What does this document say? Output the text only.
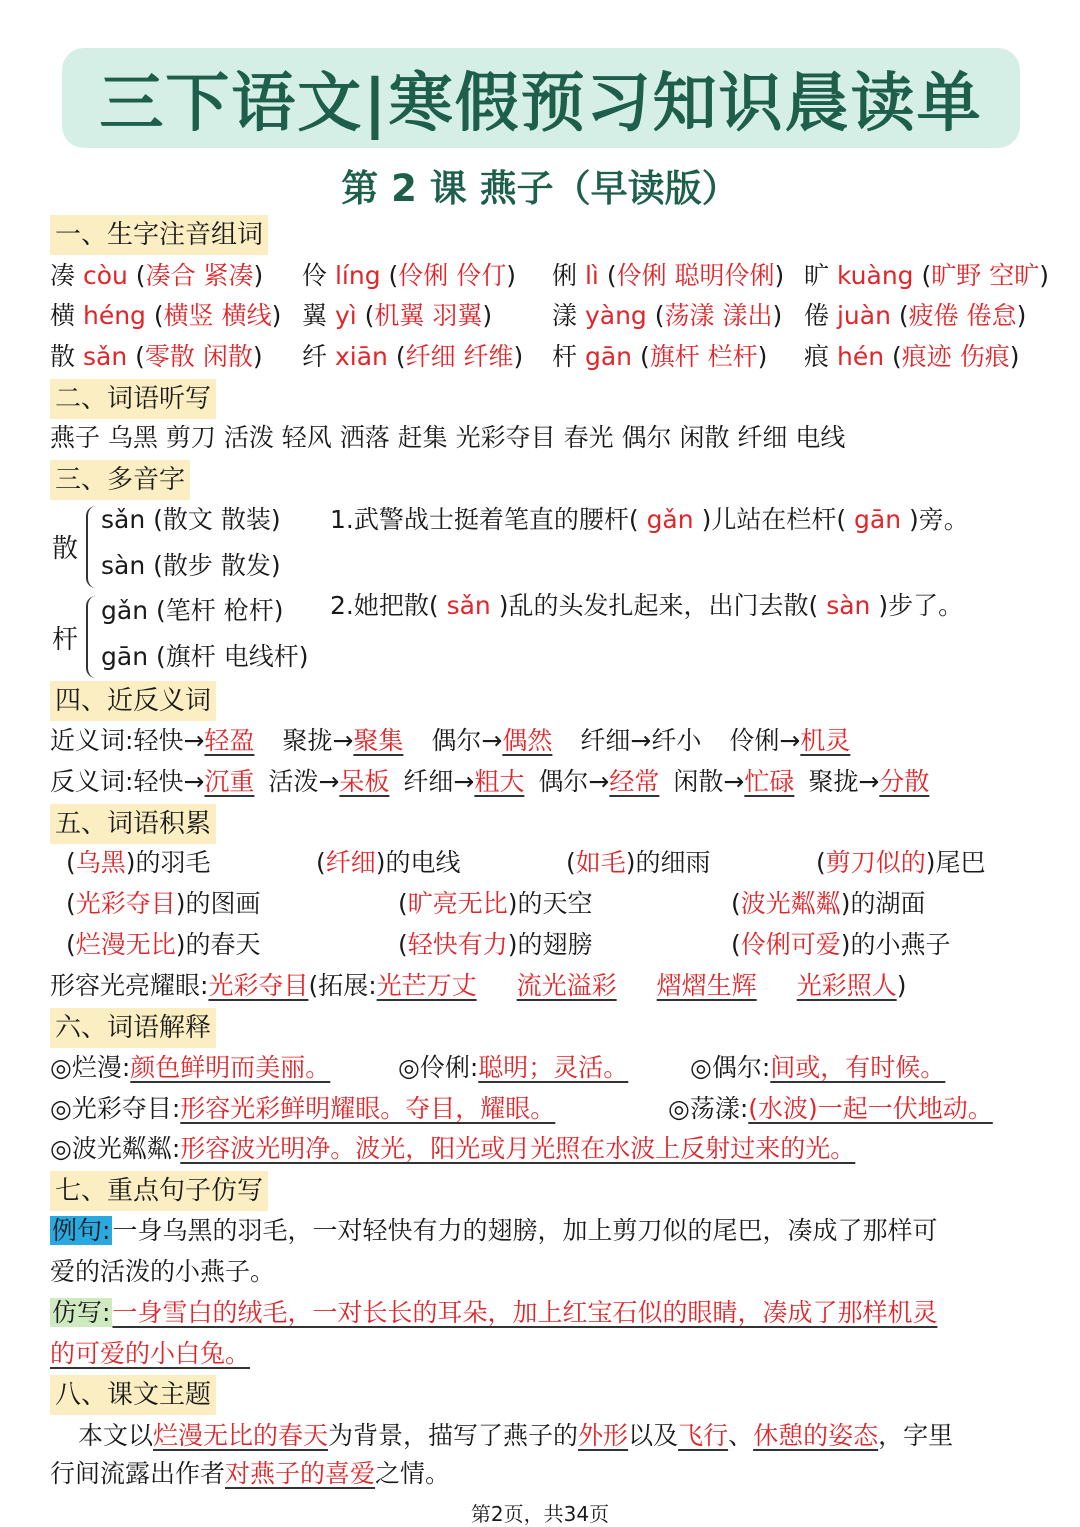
三下语文|寒假预习知识晨读单
第 2 课 燕子（早读版）
一、生字注音组词
凑 còu (凑合 紧凑) 伶 líng (伶俐 伶仃) 俐 lì (伶俐 聪明伶俐) 旷 kuàng (旷野 空旷)
横 héng (横竖 横线) 翼 yì (机翼 羽翼) 漾 yàng (荡漾 漾出) 倦 juàn (疲倦 倦怠)
散 sǎn (零散 闲散) 纤 xiān (纤细 纤维) 杆 gān (旗杆 栏杆) 痕 hén (痕迹 伤痕)
二、词语听写
燕子 乌黑 剪刀 活泼 轻风 洒落 赶集 光彩夺目 春光 偶尔 闲散 纤细 电线
三、多音字
散
sǎn (散文 散装)
sàn (散步 散发)
杆
gǎn (笔杆 枪杆)
gān (旗杆 电线杆)
1.武警战士挺着笔直的腰杆( gǎn )儿站在栏杆( gān )旁。
2.她把散( sǎn )乱的头发扎起来，出门去散( sàn )步了。
四、近反义词
近义词:轻快→轻盈 聚拢→聚集 偶尔→偶然 纤细→纤小 伶俐→机灵
反义词:轻快→沉重 活泼→呆板 纤细→粗大 偶尔→经常 闲散→忙碌 聚拢→分散
五、词语积累
(乌黑)的羽毛	(纤细)的电线	(如毛)的细雨	(剪刀似的)尾巴
(光彩夺目)的图画	(旷亮无比)的天空	(波光粼粼)的湖面
(烂漫无比)的春天	(轻快有力)的翅膀	(伶俐可爱)的小燕子
形容光亮耀眼:光彩夺目(拓展:光芒万丈 流光溢彩 熠熠生辉 光彩照人)
六、词语解释
◎烂漫:颜色鲜明而美丽。	◎伶俐:聪明；灵活。 ◎偶尔:间或，有时候。
◎光彩夺目:形容光彩鲜明耀眼。夺目，耀眼。	◎荡漾:(水波)一起一伏地动。
◎波光粼粼:形容波光明净。波光，阳光或月光照在水波上反射过来的光。
七、重点句子仿写
例句:一身乌黑的羽毛，一对轻快有力的翅膀，加上剪刀似的尾巴，凑成了那样可
爱的活泼的小燕子。
仿写:一身雪白的绒毛，一对长长的耳朵，加上红宝石似的眼睛，凑成了那样机灵
的可爱的小白兔。
八、课文主题
本文以烂漫无比的春天为背景，描写了燕子的外形以及飞行、休憩的姿态，字里
行间流露出作者对燕子的喜爱之情。
第2页，共34页
